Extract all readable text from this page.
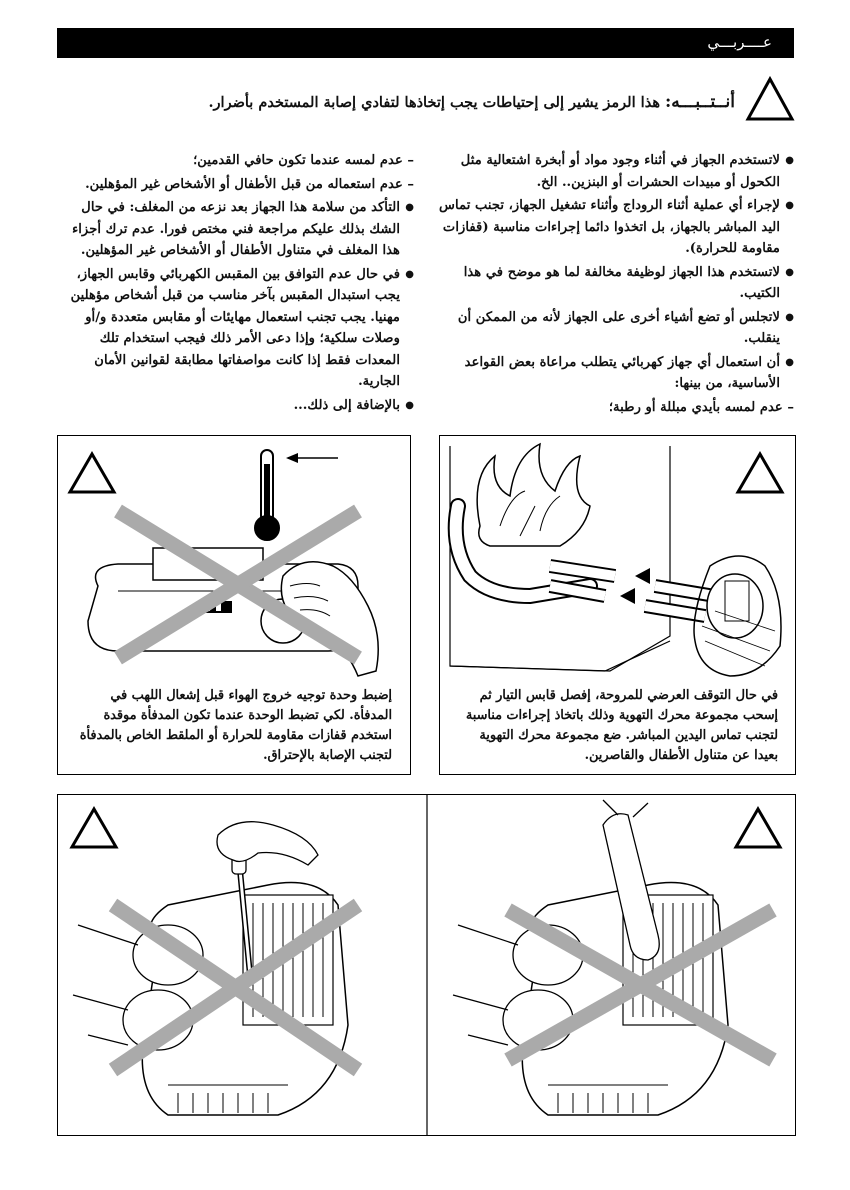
عــــربـــي
أنــتــبـــه: هذا الرمز يشير إلى إحتياطات يجب إتخاذها لتفادي إصابة المستخدم بأضرار.
● لاتستخدم الجهاز في أثناء وجود مواد أو أبخرة اشتعالية مثل الكحول أو مبيدات الحشرات أو البنزين.. الخ.
● لإجراء أي عملية أثناء الروداج وأثناء تشغيل الجهاز، تجنب تماس اليد المباشر بالجهاز، بل اتخذوا دائما إجراءات مناسبة (قفازات مقاومة للحرارة).
● لاتستخدم هذا الجهاز لوظيفة مخالفة لما هو موضح في هذا الكتيب.
● لاتجلس أو تضع أشياء أخرى على الجهاز لأنه من الممكن أن ينقلب.
● أن استعمال أي جهاز كهربائي يتطلب مراعاة بعض القواعد الأساسية، من بينها:
– عدم لمسه بأيدي مبللة أو رطبة؛
– عدم لمسه عندما تكون حافي القدمين؛
– عدم استعماله من قبل الأطفال أو الأشخاص غير المؤهلين.
● التأكد من سلامة هذا الجهاز بعد نزعه من المغلف: في حال الشك بذلك عليكم مراجعة فني مختص فورا. عدم ترك أجزاء هذا المغلف في متناول الأطفال أو الأشخاص غير المؤهلين.
● في حال عدم التوافق بين المقبس الكهربائي وقابس الجهاز، يجب استبدال المقبس بآخر مناسب من قبل أشخاص مؤهلين مهنيا. يجب تجنب استعمال مهايئات أو مقابس متعددة و/أو وصلات سلكية؛ وإذا دعى الأمر ذلك فيجب استخدام تلك المعدات فقط إذا كانت مواصفاتها مطابقة لقوانين الأمان الجارية.
● بالإضافة إلى ذلك...
إضبط وحدة توجيه خروج الهواء قبل إشعال اللهب في المدفأة. لكي تضبط الوحدة عندما تكون المدفأة موقدة استخدم قفازات مقاومة للحرارة أو الملقط الخاص بالمدفأة لتجنب الإصابة بالإحتراق.
في حال التوقف العرضي للمروحة، إفصل قابس التيار ثم إسحب مجموعة محرك التهوية وذلك باتخاذ إجراءات مناسبة لتجنب تماس اليدين المباشر. ضع مجموعة محرك التهوية بعيدا عن متناول الأطفال والقاصرين.
